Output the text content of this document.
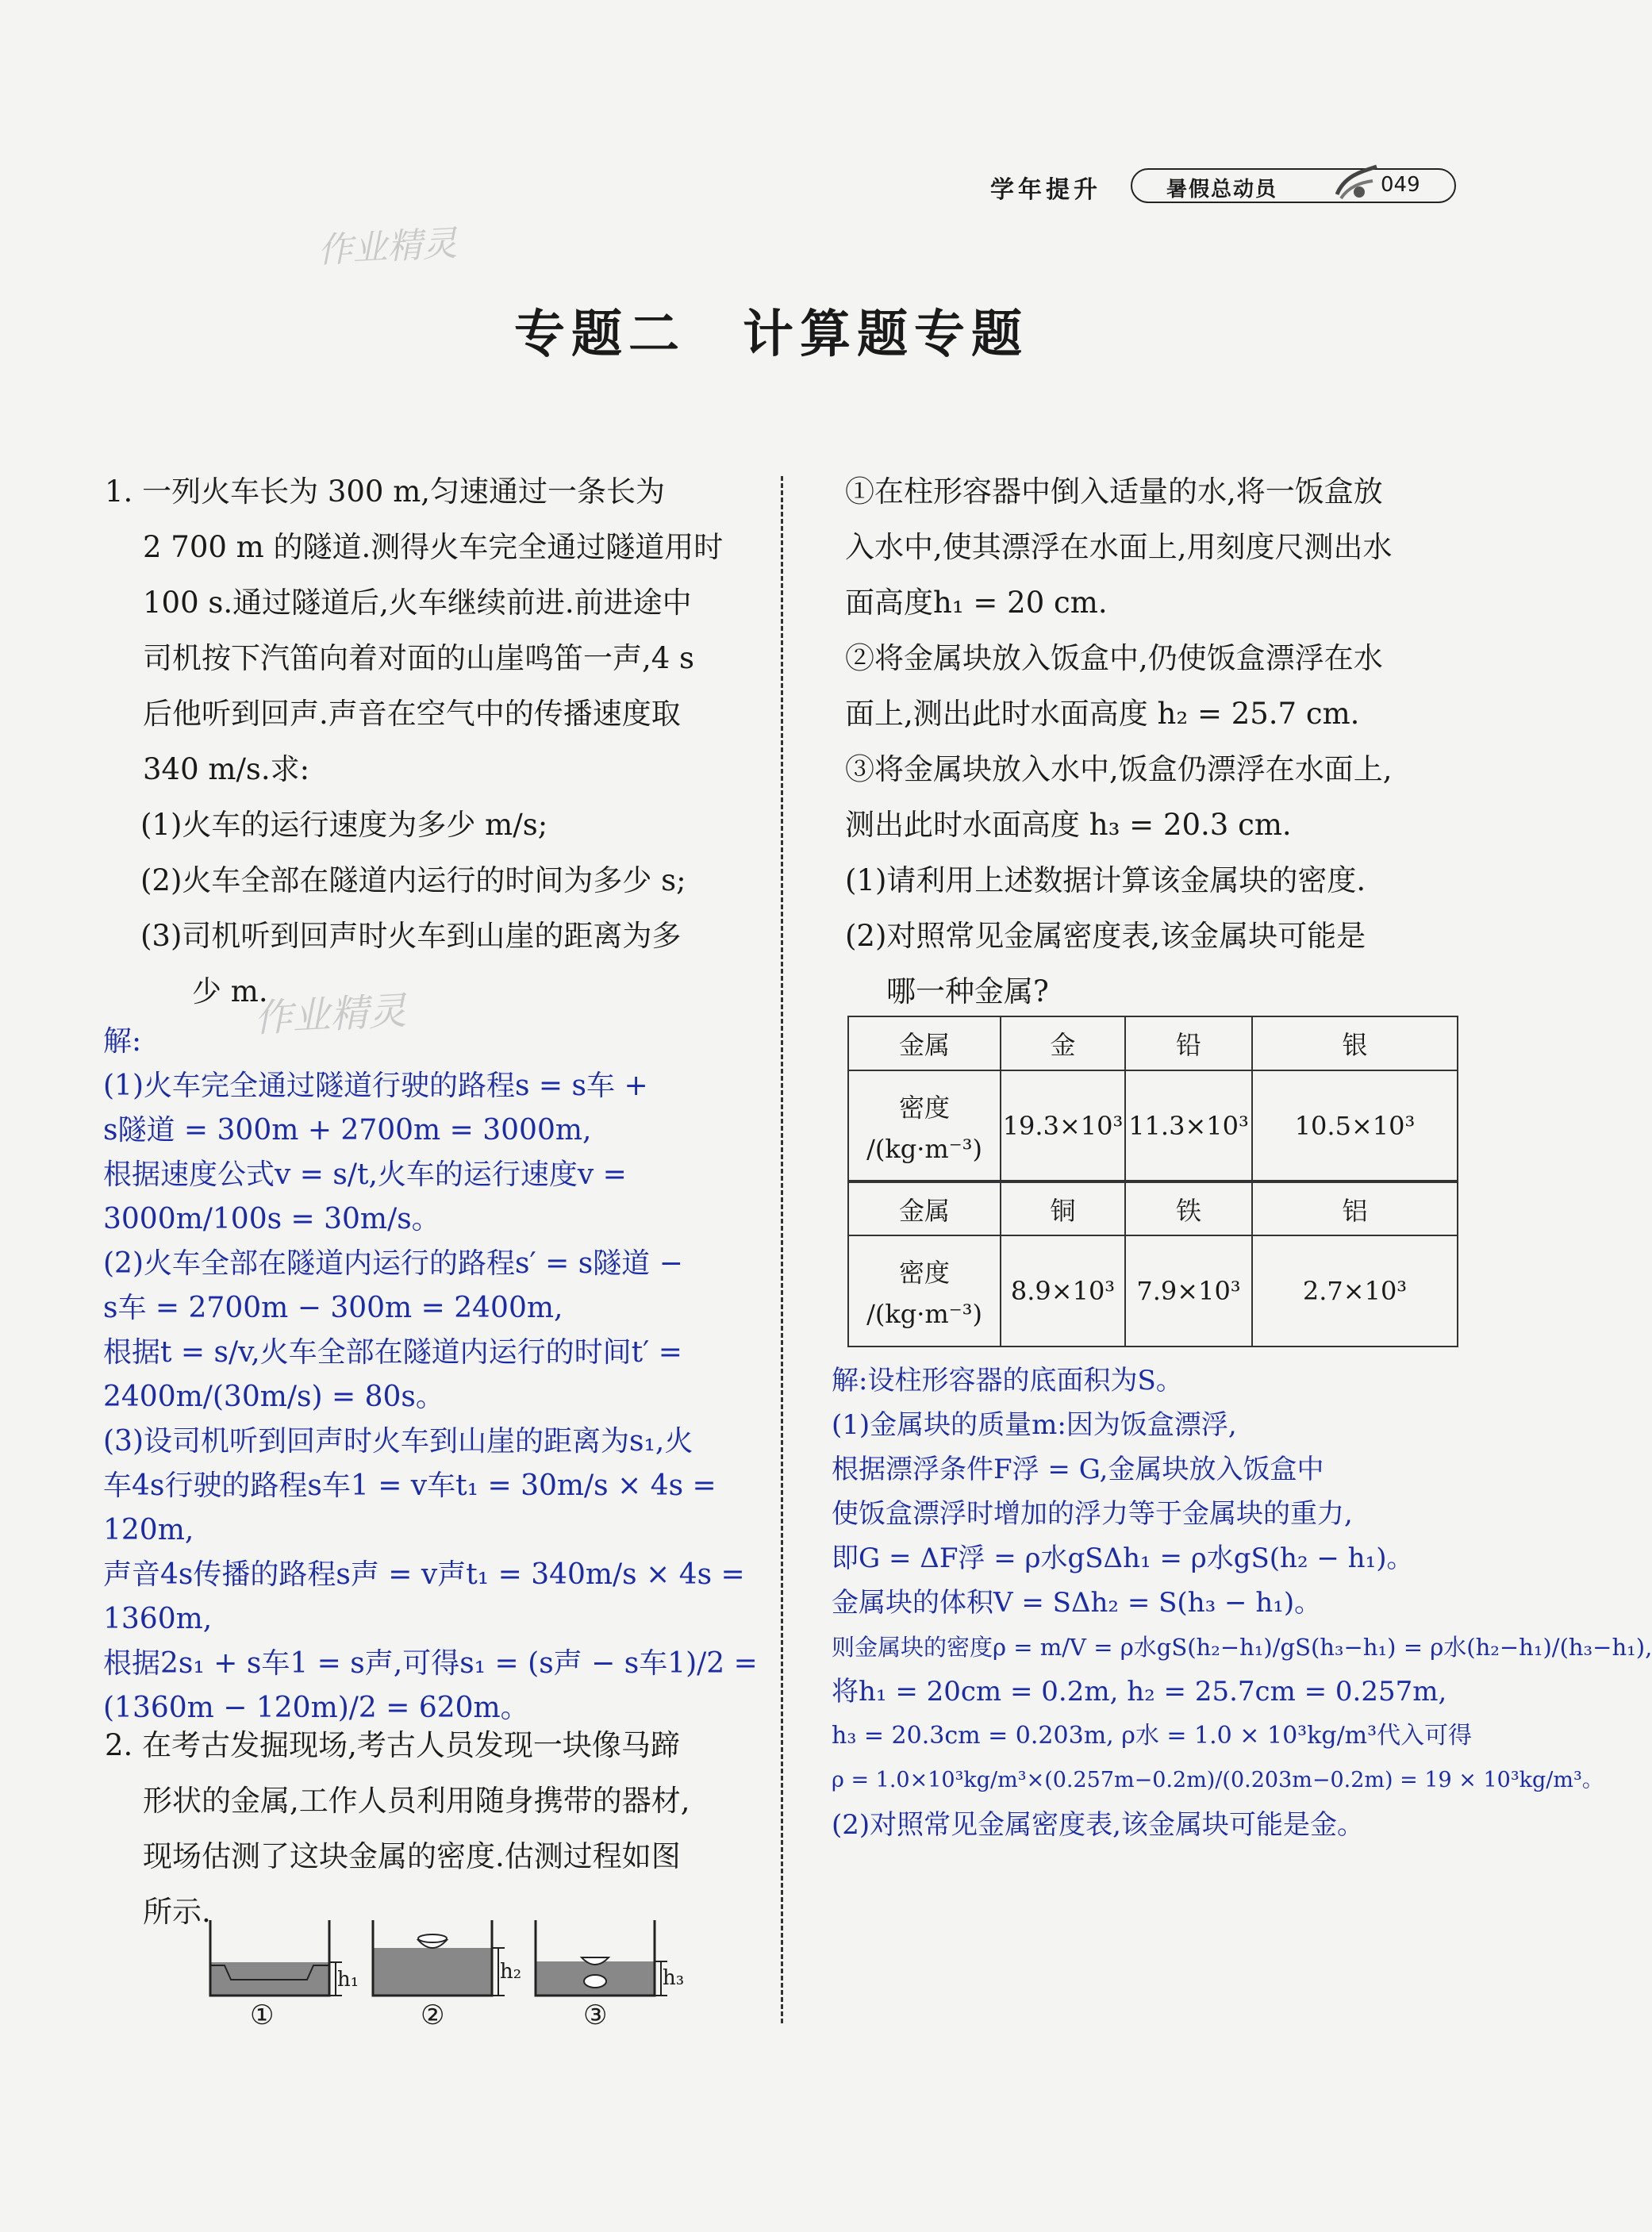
学年提升	暑假总动员	049
作业精灵
作业精灵
专题二　计算题专题

1. 一列火车长为 300 m,匀速通过一条长为

2 700 m 的隧道.测得火车完全通过隧道用时

100 s.通过隧道后,火车继续前进.前进途中

司机按下汽笛向着对面的山崖鸣笛一声,4 s

后他听到回声.声音在空气中的传播速度取

340 m/s.求:

(1)火车的运行速度为多少 m/s;

(2)火车全部在隧道内运行的时间为多少 s;

(3)司机听到回声时火车到山崖的距离为多

少 m.

解:

(1)火车完全通过隧道行驶的路程s = s车 +

s隧道 = 300m + 2700m = 3000m,

根据速度公式v = s/t,火车的运行速度v =

3000m/100s = 30m/s。

(2)火车全部在隧道内运行的路程s′ = s隧道 −

s车 = 2700m − 300m = 2400m,

根据t = s/v,火车全部在隧道内运行的时间t′ =

2400m/(30m/s) = 80s。

(3)设司机听到回声时火车到山崖的距离为s₁,火

车4s行驶的路程s车1 = v车t₁ = 30m/s × 4s =

120m,

声音4s传播的路程s声 = v声t₁ = 340m/s × 4s =

1360m,

根据2s₁ + s车1 = s声,可得s₁ = (s声 − s车1)/2 =

(1360m − 120m)/2 = 620m。

2. 在考古发掘现场,考古人员发现一块像马蹄

形状的金属,工作人员利用随身携带的器材,

现场估测了这块金属的密度.估测过程如图

所示.

h₁	h₂	h₃
①	②	③

①在柱形容器中倒入适量的水,将一饭盒放

入水中,使其漂浮在水面上,用刻度尺测出水

面高度h₁ = 20 cm.

②将金属块放入饭盒中,仍使饭盒漂浮在水

面上,测出此时水面高度 h₂ = 25.7 cm.

③将金属块放入水中,饭盒仍漂浮在水面上,

测出此时水面高度 h₃ = 20.3 cm.

(1)请利用上述数据计算该金属块的密度.

(2)对照常见金属密度表,该金属块可能是

哪一种金属?

金属	金	铅	银

密度
/(kg·m⁻³)	19.3×10³	11.3×10³	10.5×10³
金属	铜	铁	铝

密度
/(kg·m⁻³)	8.9×10³	7.9×10³	2.7×10³

解:设柱形容器的底面积为S。

(1)金属块的质量m:因为饭盒漂浮,

根据漂浮条件F浮 = G,金属块放入饭盒中

使饭盒漂浮时增加的浮力等于金属块的重力,

即G = ΔF浮 = ρ水gSΔh₁ = ρ水gS(h₂ − h₁)。

金属块的体积V = SΔh₂ = S(h₃ − h₁)。

则金属块的密度ρ = m/V = ρ水gS(h₂−h₁)/gS(h₃−h₁) = ρ水(h₂−h₁)/(h₃−h₁),

将h₁ = 20cm = 0.2m, h₂ = 25.7cm = 0.257m,

h₃ = 20.3cm = 0.203m, ρ水 = 1.0 × 10³kg/m³代入可得

ρ = 1.0×10³kg/m³×(0.257m−0.2m)/(0.203m−0.2m) = 19 × 10³kg/m³。

(2)对照常见金属密度表,该金属块可能是金。
